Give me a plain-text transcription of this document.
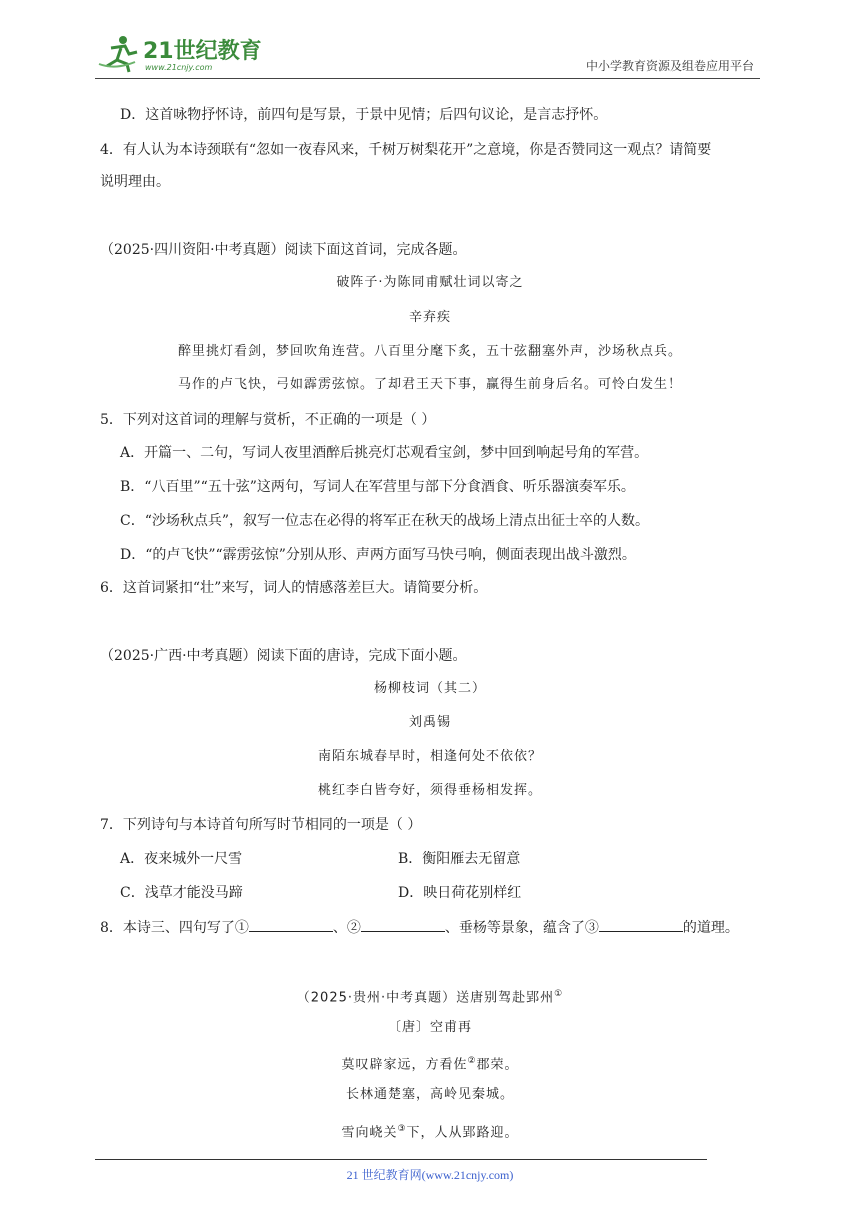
21世纪教育
www.21cnjy.com	中小学教育资源及组卷应用平台
D．这首咏物抒怀诗，前四句是写景，于景中见情；后四句议论，是言志抒怀。
4．有人认为本诗颈联有“忽如一夜春风来，千树万树梨花开”之意境，你是否赞同这一观点？请简要
说明理由。
（2025·四川资阳·中考真题）阅读下面这首词，完成各题。
破阵子·为陈同甫赋壮词以寄之
辛弃疾
醉里挑灯看剑，梦回吹角连营。八百里分麾下炙，五十弦翻塞外声，沙场秋点兵。
马作的卢飞快，弓如霹雳弦惊。了却君王天下事，赢得生前身后名。可怜白发生！
5．下列对这首词的理解与赏析，不正确的一项是（ ）
A．开篇一、二句，写词人夜里酒醉后挑亮灯芯观看宝剑，梦中回到响起号角的军营。
B．“八百里”“五十弦”这两句，写词人在军营里与部下分食酒食、听乐器演奏军乐。
C．“沙场秋点兵”，叙写一位志在必得的将军正在秋天的战场上清点出征士卒的人数。
D．“的卢飞快”“霹雳弦惊”分别从形、声两方面写马快弓响，侧面表现出战斗激烈。
6．这首词紧扣“壮”来写，词人的情感落差巨大。请简要分析。
（2025·广西·中考真题）阅读下面的唐诗，完成下面小题。
杨柳枝词（其二）
刘禹锡
南陌东城春早时，相逢何处不依依？
桃红李白皆夸好，须得垂杨相发挥。
7．下列诗句与本诗首句所写时节相同的一项是（ ）
A．夜来城外一尺雪	B．衡阳雁去无留意
C．浅草才能没马蹄	D．映日荷花别样红
8．本诗三、四句写了①	、②	、垂杨等景象，蕴含了③	的道理。
（2025·贵州·中考真题）送唐别驾赴郢州①
〔唐〕空甫再
莫叹辟家远，方看佐②郡荣。
长林通楚塞，高岭见秦城。
雪向峣关③下，人从郢路迎。
21 世纪教育网(www.21cnjy.com)
